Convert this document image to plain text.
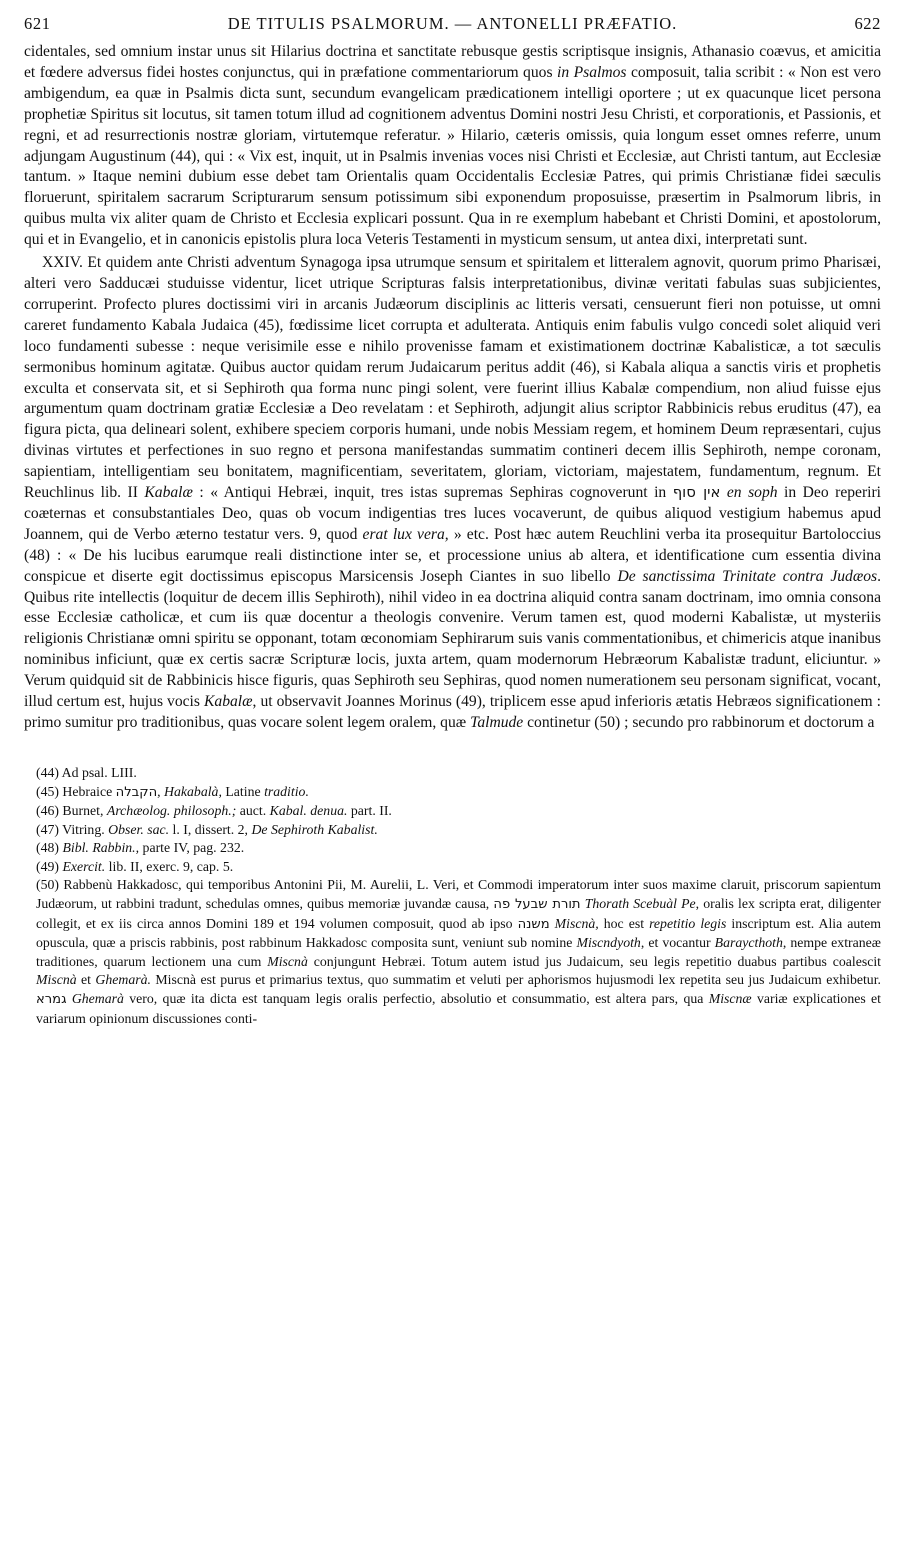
621	DE TITULIS PSALMORUM. — ANTONELLI PRÆFATIO.	622

cidentales, sed omnium instar unus sit Hilarius doctrina et sanctitate rebusque gestis scriptisque insignis, Athanasio coævus, et amicitia et fœdere adversus fidei hostes conjunctus, qui in præfatione commentariorum quos in Psalmos composuit, talia scribit : « Non est vero ambigendum, ea quæ in Psalmis dicta sunt, secundum evangelicam prædicationem intelligi oportere ; ut ex quacunque licet persona prophetiæ Spiritus sit locutus, sit tamen totum illud ad cognitionem adventus Domini nostri Jesu Christi, et corporationis, et Passionis, et regni, et ad resurrectionis nostræ gloriam, virtutemque referatur. » Hilario, cæteris omissis, quia longum esset omnes referre, unum adjungam Augustinum (44), qui : « Vix est, inquit, ut in Psalmis invenias voces nisi Christi et Ecclesiæ, aut Christi tantum, aut Ecclesiæ tantum. » Itaque nemini dubium esse debet tam Orientalis quam Occidentalis Ecclesiæ Patres, qui primis Christianæ fidei sæculis floruerunt, spiritalem sacrarum Scripturarum sensum potissimum sibi exponendum proposuisse, præsertim in Psalmorum libris, in quibus multa vix aliter quam de Christo et Ecclesia explicari possunt. Qua in re exemplum habebant et Christi Domini, et apostolorum, qui et in Evangelio, et in canonicis epistolis plura loca Veteris Testamenti in mysticum sensum, ut antea dixi, interpretati sunt.

XXIV. Et quidem ante Christi adventum Synagoga ipsa utrumque sensum et spiritalem et litteralem agnovit, quorum primo Pharisæi, alteri vero Sadducæi studuisse videntur, licet utrique Scripturas falsis interpretationibus, divinæ veritati fabulas suas subjicientes, corruperint. Profecto plures doctissimi viri in arcanis Judæorum disciplinis ac litteris versati, censuerunt fieri non potuisse, ut omni careret fundamento Kabala Judaica (45), fœdissime licet corrupta et adulterata. Antiquis enim fabulis vulgo concedi solet aliquid veri loco fundamenti subesse : neque verisimile esse e nihilo provenisse famam et existimationem doctrinæ Kabalisticæ, a tot sæculis sermonibus hominum agitatæ. Quibus auctor quidam rerum Judaicarum peritus addit (46), si Kabala aliqua a sanctis viris et prophetis exculta et conservata sit, et si Sephiroth qua forma nunc pingi solent, vere fuerint illius Kabalæ compendium, non aliud fuisse ejus argumentum quam doctrinam gratiæ Ecclesiæ a Deo revelatam : et Sephiroth, adjungit alius scriptor Rabbinicis rebus eruditus (47), ea figura picta, qua delineari solent, exhibere speciem corporis humani, unde nobis Messiam regem, et hominem Deum repræsentari, cujus divinas virtutes et perfectiones in suo regno et persona manifestandas summatim contineri decem illis Sephiroth, nempe coronam, sapientiam, intelligentiam seu bonitatem, magnificentiam, severitatem, gloriam, victoriam, majestatem, fundamentum, regnum. Et Reuchlinus lib. II Kabalæ : « Antiqui Hebræi, inquit, tres istas supremas Sephiras cognoverunt in אין סוף en soph in Deo reperiri coæternas et consubstantiales Deo, quas ob vocum indigentias tres luces vocaverunt, de quibus aliquod vestigium habemus apud Joannem, qui de Verbo æterno testatur vers. 9, quod erat lux vera, » etc. Post hæc autem Reuchlini verba ita prosequitur Bartoloccius (48) : « De his lucibus earumque reali distinctione inter se, et processione unius ab altera, et identificatione cum essentia divina conspicue et diserte egit doctissimus episcopus Marsicensis Joseph Ciantes in suo libello De sanctissima Trinitate contra Judæos. Quibus rite intellectis (loquitur de decem illis Sephiroth), nihil video in ea doctrina aliquid contra sanam doctrinam, imo omnia consona esse Ecclesiæ catholicæ, et cum iis quæ docentur a theologis convenire. Verum tamen est, quod moderni Kabalistæ, ut mysteriis religionis Christianæ omni spiritu se opponant, totam œconomiam Sephirarum suis vanis commentationibus, et chimericis atque inanibus nominibus inficiunt, quæ ex certis sacræ Scripturæ locis, juxta artem, quam modernorum Hebræorum Kabalistæ tradunt, eliciuntur. » Verum quidquid sit de Rabbinicis hisce figuris, quas Sephiroth seu Sephiras, quod nomen numerationem seu personam significat, vocant, illud certum est, hujus vocis Kabalæ, ut observavit Joannes Morinus (49), triplicem esse apud inferioris ætatis Hebræos significationem : primo sumitur pro traditionibus, quas vocare solent legem oralem, quæ Talmude continetur (50) ; secundo pro rabbinorum et doctorum a

(44) Ad psal. LIII.

(45) Hebraice הקבלה, Hakabalà, Latine traditio.

(46) Burnet, Archæolog. philosoph.; auct. Kabal. denua. part. II.

(47) Vitring. Obser. sac. l. I, dissert. 2, De Sephiroth Kabalist.

(48) Bibl. Rabbin., parte IV, pag. 232.

(49) Exercit. lib. II, exerc. 9, cap. 5.

(50) Rabbenù Hakkadosc, qui temporibus Antonini Pii, M. Aurelii, L. Veri, et Commodi imperatorum inter suos maxime claruit, priscorum sapientum Judæorum, ut rabbini tradunt, schedulas omnes, quibus memoriæ juvandæ causa, תורת שבעל פה Thorath Scebuàl Pe, oralis lex scripta erat, diligenter collegit, et ex iis circa annos Domini 189 et 194 volumen composuit, quod ab ipso משנה Miscnà, hoc est repetitio legis inscriptum est. Alia autem opuscula, quæ a priscis rabbinis, post rabbinum Hakkadosc composita sunt, veniunt sub nomine Miscndyoth, et vocantur Baraycthoth, nempe extraneæ traditiones, quarum lectionem una cum Miscnà conjungunt Hebræi. Totum autem istud jus Judaicum, seu legis repetitio duabus partibus coalescit Miscnà et Ghemarà. Miscnà est purus et primarius textus, quo summatim et veluti per aphorismos hujusmodi lex repetita seu jus Judaicum exhibetur. גמרא Ghemarà vero, quæ ita dicta est tanquam legis oralis perfectio, absolutio et consummatio, est altera pars, qua Miscnæ variæ explicationes et variarum opinionum discussiones conti-
